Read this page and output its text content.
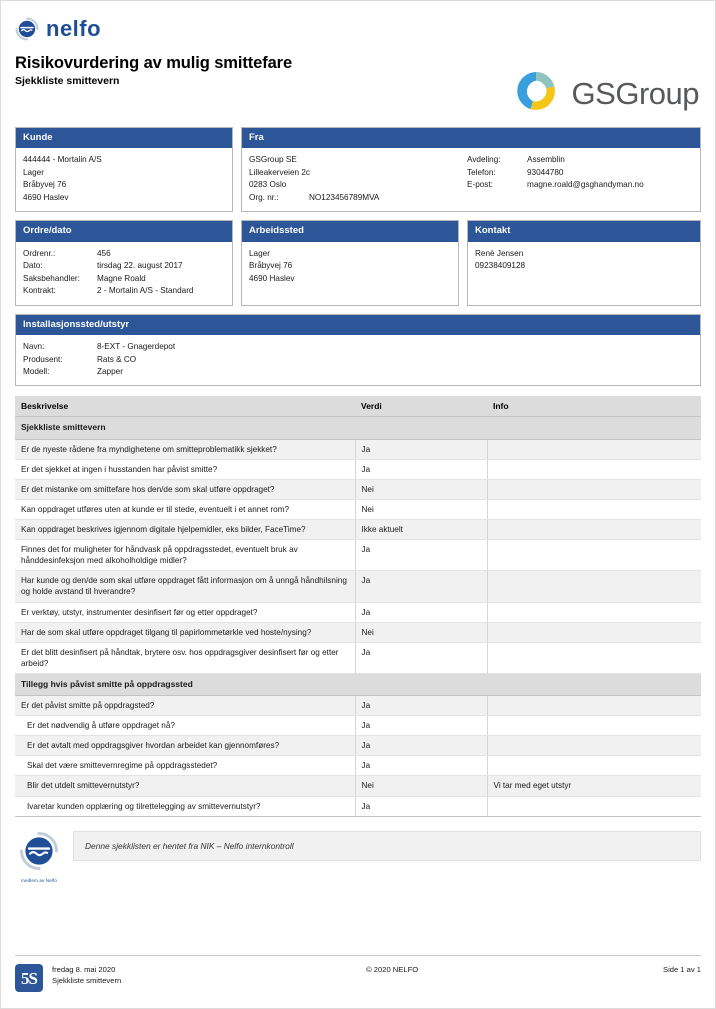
nelfo
Risikovurdering av mulig smittefare
Sjekkliste smittevern	GSGroup
Kunde
444444 - Mortalin A/S
Lager
Bråbyvej 76
4690 Haslev
Fra
GSGroup SE
Lilleakerveien 2c
0283 Oslo
Org. nr.:	NO123456789MVA
Avdeling:	Assemblin
Telefon:	93044780
E-post:	magne.roald@gsghandyman.no
Ordre/dato
Ordrenr.:	456
Dato:	tirsdag 22. august 2017
Saksbehandler:	Magne Roald
Kontrakt:	2 - Mortalin A/S - Standard
Arbeidssted
Lager
Bråbyvej 76
4690 Haslev
Kontakt
Renè Jensen
09238409128
Installasjonssted/utstyr
Navn:	8-EXT - Gnagerdepot
Produsent:	Rats & CO
Modell:	Zapper
Beskrivelse	Verdi	Info
Sjekkliste smittevern		
Er de nyeste rådene fra myndighetene om smitteproblematikk sjekket?	Ja	
Er det sjekket at ingen i husstanden har påvist smitte?	Ja	
Er det mistanke om smittefare hos den/de som skal utføre oppdraget?	Nei	
Kan oppdraget utføres uten at kunde er til stede, eventuelt i et annet rom?	Nei	
Kan oppdraget beskrives igjennom digitale hjelpemidler, eks bilder, FaceTime?	Ikke aktuelt	
Finnes det for muligheter for håndvask på oppdragsstedet, eventuelt bruk av hånddesinfeksjon med alkoholholdige midler?	Ja	
Har kunde og den/de som skal utføre oppdraget fått informasjon om å unngå håndhilsning og holde avstand til hverandre?	Ja	
Er verktøy, utstyr, instrumenter desinfisert før og etter oppdraget?	Ja	
Har de som skal utføre oppdraget tilgang til papirlommetørkle ved hoste/nysing?	Nei	
Er det blitt desinfisert på håndtak, brytere osv. hos oppdragsgiver desinfisert før og etter arbeid?	Ja	
Tillegg hvis påvist smitte på oppdragssted		
Er det påvist smitte på oppdragsted?	Ja	
Er det nødvendig å utføre oppdraget nå?	Ja	
Er det avtalt med oppdragsgiver hvordan arbeidet kan gjennomføres?	Ja	
Skal det være smittevernregime på oppdragsstedet?	Ja	
Blir det utdelt smittevernutstyr?	Nei	Vi tar med eget utstyr
Ivaretar kunden opplæring og tilrettelegging av smittevernutstyr?	Ja	
medlem av Nelfo
Denne sjekklisten er hentet fra NIK – Nelfo internkontroll
5S	fredag 8. mai 2020
Sjekkliste smittevern
© 2020 NELFO	Side 1 av 1
